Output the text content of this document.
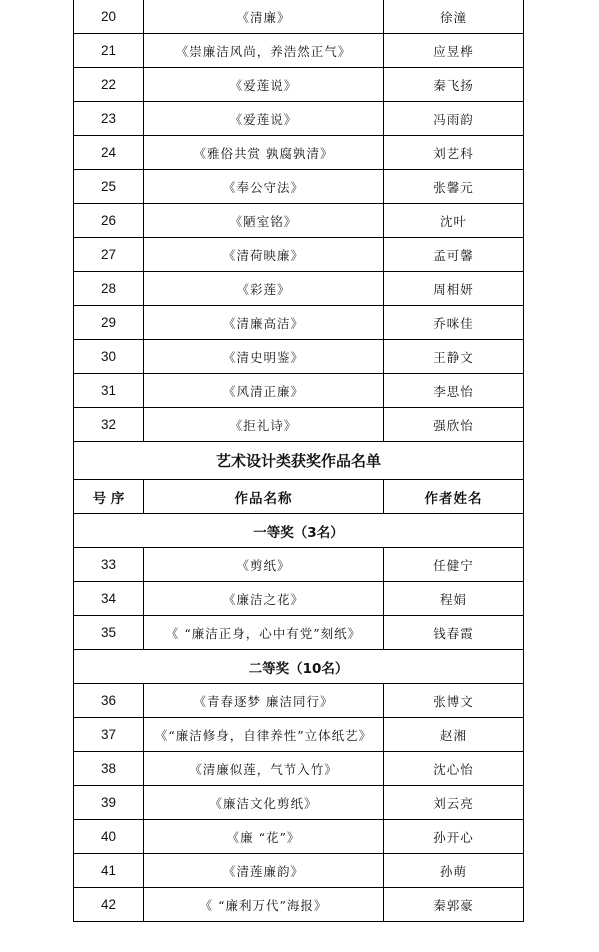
20	《清廉》	徐潼
21	《崇廉洁风尚，养浩然正气》	应昱桦
22	《爱莲说》	秦飞扬
23	《爱莲说》	冯雨韵
24	《雅俗共赏 孰腐孰清》	刘艺科
25	《奉公守法》	张馨元
26	《陋室铭》	沈叶
27	《清荷映廉》	孟可馨
28	《彩莲》	周相妍
29	《清廉高洁》	乔咪佳
30	《清史明鉴》	王静文
31	《风清正廉》	李思怡
32	《拒礼诗》	强欣怡
艺术设计类获奖作品名单
号 序	作品名称	作者姓名
一等奖（3名）
33	《剪纸》	任健宁
34	《廉洁之花》	程娟
35	《 “廉洁正身，心中有党”刻纸》	钱春霞
二等奖（10名）
36	《青春逐梦 廉洁同行》	张博文
37	《“廉洁修身，自律养性”立体纸艺》	赵湘
38	《清廉似莲，气节入竹》	沈心怡
39	《廉洁文化剪纸》	刘云亮
40	《廉 “花”》	孙开心
41	《清莲廉韵》	孙萌
42	《 “廉利万代”海报》	秦郭豪
